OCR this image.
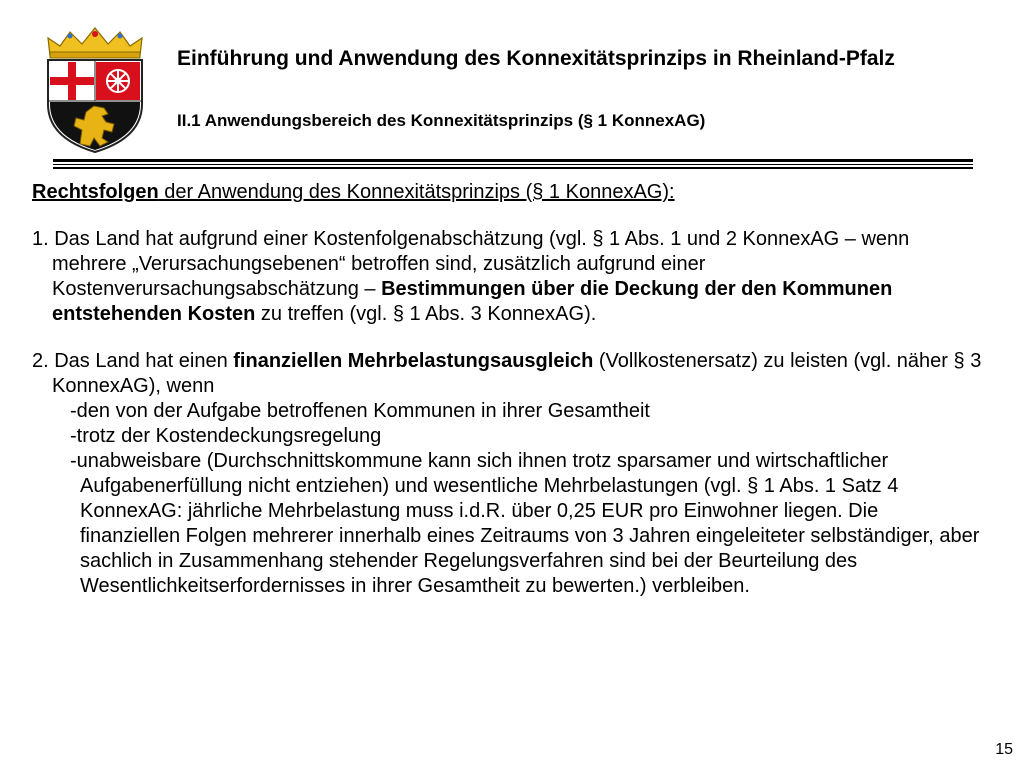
Einführung und Anwendung des Konnexitätsprinzips in Rheinland-Pfalz
II.1 Anwendungsbereich des Konnexitätsprinzips (§ 1 KonnexAG)

Rechtsfolgen der Anwendung des Konnexitätsprinzips (§ 1 KonnexAG):

1. Das Land hat aufgrund einer Kostenfolgenabschätzung (vgl. § 1 Abs. 1 und 2 KonnexAG – wenn mehrere „Verursachungsebenen“ betroffen sind, zusätzlich aufgrund einer Kostenverursachungsabschätzung – Bestimmungen über die Deckung der den Kommunen entstehenden Kosten zu treffen (vgl. § 1 Abs. 3 KonnexAG).

2. Das Land hat einen finanziellen Mehrbelastungsausgleich (Vollkostenersatz) zu leisten (vgl. näher § 3 KonnexAG), wenn

-den von der Aufgabe betroffenen Kommunen in ihrer Gesamtheit

-trotz der Kostendeckungsregelung

-unabweisbare (Durchschnittskommune kann sich ihnen trotz sparsamer und wirtschaftlicher Aufgabenerfüllung nicht entziehen) und wesentliche Mehrbelastungen (vgl. § 1 Abs. 1 Satz 4 KonnexAG: jährliche Mehrbelastung muss i.d.R. über 0,25 EUR pro Einwohner liegen. Die finanziellen Folgen mehrerer innerhalb eines Zeitraums von 3 Jahren eingeleiteter selbständiger, aber sachlich in Zusammenhang stehender Regelungsverfahren sind bei der Beurteilung des Wesentlichkeitserfordernisses in ihrer Gesamtheit zu bewerten.) verbleiben.

15
